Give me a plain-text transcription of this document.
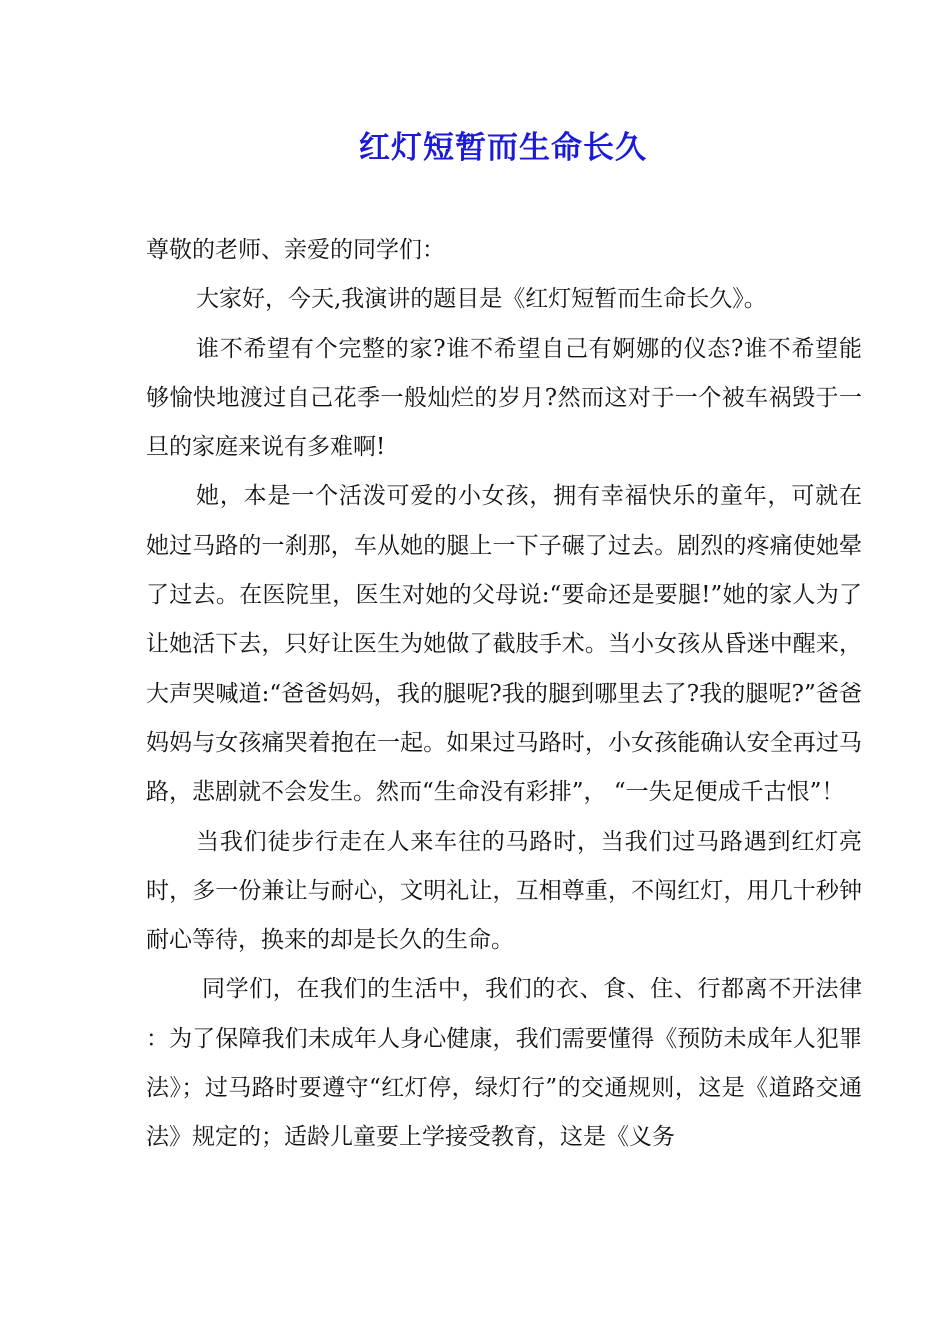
红灯短暂而生命长久

尊敬的老师、亲爱的同学们：

大家好，今天,我演讲的题目是《红灯短暂而生命长久》。

谁不希望有个完整的家?谁不希望自己有婀娜的仪态?谁不希望能够愉快地渡过自己花季一般灿烂的岁月?然而这对于一个被车祸毁于一旦的家庭来说有多难啊!

她，本是一个活泼可爱的小女孩，拥有幸福快乐的童年，可就在她过马路的一刹那，车从她的腿上一下子碾了过去。剧烈的疼痛使她晕了过去。在医院里，医生对她的父母说:“要命还是要腿!”她的家人为了让她活下去，只好让医生为她做了截肢手术。当小女孩从昏迷中醒来，大声哭喊道:“爸爸妈妈，我的腿呢?我的腿到哪里去了?我的腿呢?”爸爸妈妈与女孩痛哭着抱在一起。如果过马路时，小女孩能确认安全再过马路，悲剧就不会发生。然而“生命没有彩排”， “一失足便成千古恨”！

当我们徒步行走在人来车往的马路时，当我们过马路遇到红灯亮时，多一份兼让与耐心，文明礼让，互相尊重，不闯红灯，用几十秒钟耐心等待，换来的却是长久的生命。

同学们，在我们的生活中，我们的衣、食、住、行都离不开法律 ：为了保障我们未成年人身心健康，我们需要懂得《预防未成年人犯罪法》；过马路时要遵守“红灯停，绿灯行”的交通规则，这是《道路交通法》规定的；适龄儿童要上学接受教育，这是《义务
